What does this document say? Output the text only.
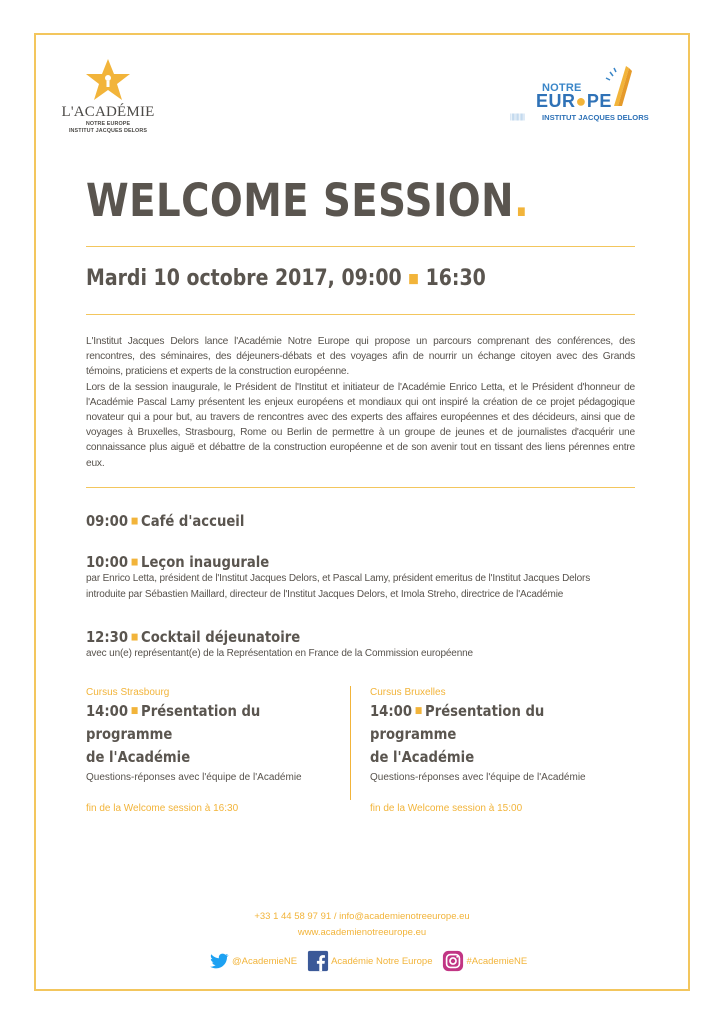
L'ACADÉMIE
NOTRE EUROPE
INSTITUT JACQUES DELORS
NOTRE
EUR●PE
||||||||||| INSTITUT JACQUES DELORS
WELCOME SESSION.
Mardi 10 octobre 2017, 09:00 ■ 16:30

L'Institut Jacques Delors lance l'Académie Notre Europe qui propose un parcours comprenant des conférences, des rencontres, des séminaires, des déjeuners-débats et des voyages afin de nourrir un échange citoyen avec des Grands témoins, praticiens et experts de la construction européenne.

Lors de la session inaugurale, le Président de l'Institut et initiateur de l'Académie Enrico Letta, et le Président d'honneur de l'Académie Pascal Lamy présentent les enjeux européens et mondiaux qui ont inspiré la création de ce projet pédagogique novateur qui a pour but, au travers de rencontres avec des experts des affaires européennes et des décideurs, ainsi que de voyages à Bruxelles, Strasbourg, Rome ou Berlin de permettre à un groupe de jeunes et de journalistes d'acquérir une connaissance plus aiguë et débattre de la construction européenne et de son avenir tout en tissant des liens pérennes entre eux.

09:00 ■ Café d'accueil
10:00 ■ Leçon inaugurale
par Enrico Letta, président de l'Institut Jacques Delors, et Pascal Lamy, président emeritus de l'Institut Jacques Delors
introduite par Sébastien Maillard, directeur de l'Institut Jacques Delors, et Imola Streho, directrice de l'Académie
12:30 ■ Cocktail déjeunatoire
avec un(e) représentant(e) de la Représentation en France de la Commission européenne
Cursus Strasbourg
14:00 ■ Présentation du programme
de l'Académie
Questions-réponses avec l'équipe de l'Académie
fin de la Welcome session à 16:30
Cursus Bruxelles
14:00 ■ Présentation du programme
de l'Académie
Questions-réponses avec l'équipe de l'Académie
fin de la Welcome session à 15:00
+33 1 44 58 97 91 / info@academienotreeurope.eu
www.academienotreeurope.eu
@AcademieNE	Académie Notre Europe	#AcademieNE
